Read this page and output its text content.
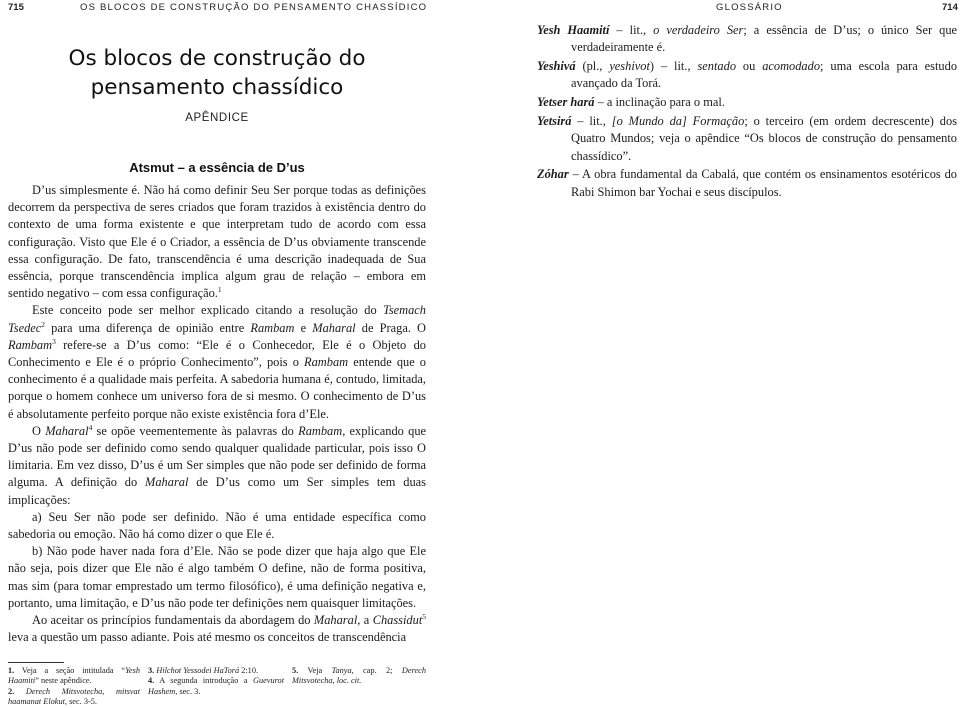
715	OS BLOCOS DE CONSTRUÇÃO DO PENSAMENTO CHASSÍDICO	GLOSSÁRIO	714
Os blocos de construção do pensamento chassídico
APÊNDICE
Atsmut – a essência de D’us

D’us simplesmente é. Não há como definir Seu Ser porque todas as definições decorrem da perspectiva de seres criados que foram trazidos à existência dentro do contexto de uma forma existente e que interpretam tudo de acordo com essa configuração. Visto que Ele é o Criador, a essência de D’us obviamente transcende essa configuração. De fato, transcendência é uma descrição inadequada de Sua essência, porque transcendência implica algum grau de relação – embora em sentido negativo – com essa configuração.$^1$

Este conceito pode ser melhor explicado citando a resolução do Tsemach Tsedec$^2$ para uma diferença de opinião entre Rambam e Maharal de Praga. O Rambam$^3$ refere-se a D’us como: “Ele é o Conhecedor, Ele é o Objeto do Conhecimento e Ele é o próprio Conhecimento”, pois o Rambam entende que o conhecimento é a qualidade mais perfeita. A sabedoria humana é, contudo, limitada, porque o homem conhece um universo fora de si mesmo. O conhecimento de D’us é absolutamente perfeito porque não existe existência fora d’Ele.

O Maharal$^4$ se opõe veementemente às palavras do Rambam, explicando que D’us não pode ser definido como sendo qualquer qualidade particular, pois isso O limitaria. Em vez disso, D’us é um Ser simples que não pode ser definido de forma alguma. A definição do Maharal de D’us como um Ser simples tem duas implicações:

a) Seu Ser não pode ser definido. Não é uma entidade específica como sabedoria ou emoção. Não há como dizer o que Ele é.

b) Não pode haver nada fora d’Ele. Não se pode dizer que haja algo que Ele não seja, pois dizer que Ele não é algo também O define, não de forma positiva, mas sim (para tomar emprestado um termo filosófico), é uma definição negativa e, portanto, uma limitação, e D’us não pode ter definições nem quaisquer limitações.

Ao aceitar os princípios fundamentais da abordagem do Maharal, a Chassidut$^5$ leva a questão um passo adiante. Pois até mesmo os conceitos de transcendência

1. Veja a seção intitulada “Yesh Haamiti” neste apêndice.
2. Derech Mitsvotecha, mitsvat haamanat Elokut, sec. 3-5.
3. Hilchot Yessodei HaTorá 2:10.
4. A segunda introdução a Guevurot Hashem, sec. 3.
5. Veja Tanya, cap. 2; Derech Mitsvotecha, loc. cit.

Yesh Haamití – lit., o verdadeiro Ser; a essência de D’us; o único Ser que verdadeiramente é.

Yeshivá (pl., yeshivot) – lit., sentado ou acomodado; uma escola para estudo avançado da Torá.

Yetser hará – a inclinação para o mal.

Yetsirá – lit., [o Mundo da] Formação; o terceiro (em ordem decrescente) dos Quatro Mundos; veja o apêndice “Os blocos de construção do pensamento chassídico”.

Zóhar – A obra fundamental da Cabalá, que contém os ensinamentos esotéricos do Rabi Shimon bar Yochai e seus discípulos.
